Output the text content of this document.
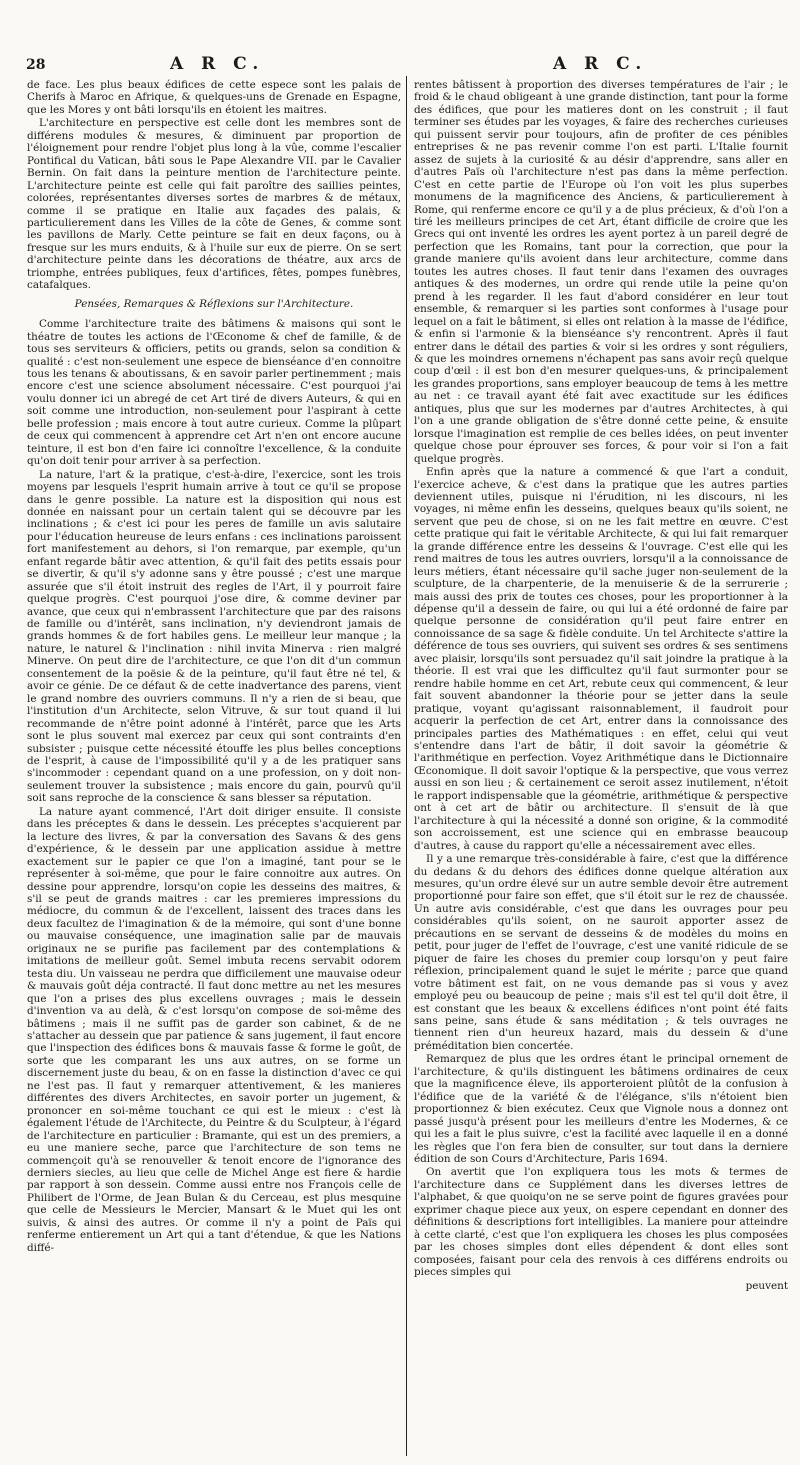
28	A R C.	A R C.

de face. Les plus beaux édifices de cette espece sont les palais de Cherifs à Maroc en Afrique, & quelques-uns de Grenade en Espagne, que les Mores y ont bâti lorsqu'ils en étoient les maitres.

L'architecture en perspective est celle dont les membres sont de différens modules & mesures, & diminuent par proportion de l'éloignement pour rendre l'objet plus long à la vûe, comme l'escalier Pontifical du Vatican, bâti sous le Pape Alexandre VII. par le Cavalier Bernin. On fait dans la peinture mention de l'architecture peinte. L'architecture peinte est celle qui fait paroître des saillies peintes, colorées, représentantes diverses sortes de marbres & de métaux, comme il se pratique en Italie aux façades des palais, & particulierement dans les Villes de la côte de Genes, & comme sont les pavillons de Marly. Cette peinture se fait en deux façons, ou à fresque sur les murs enduits, & à l'huile sur eux de pierre. On se sert d'architecture peinte dans les décorations de théatre, aux arcs de triomphe, entrées publiques, feux d'artifices, fêtes, pompes funèbres, catafalques.

Pensées, Remarques & Réflexions sur l'Architecture.

Comme l'architecture traite des bâtimens & maisons qui sont le théatre de toutes les actions de l'Œconome & chef de famille, & de tous ses serviteurs & officiers, petits ou grands, selon sa condition & qualité : c'est non-seulement une espece de bienséance d'en connoitre tous les tenans & aboutissans, & en savoir parler pertinemment ; mais encore c'est une science absolument nécessaire. C'est pourquoi j'ai voulu donner ici un abregé de cet Art tiré de divers Auteurs, & qui en soit comme une introduction, non-seulement pour l'aspirant à cette belle profession ; mais encore à tout autre curieux. Comme la plûpart de ceux qui commencent à apprendre cet Art n'en ont encore aucune teinture, il est bon d'en faire ici connoître l'excellence, & la conduite qu'on doit tenir pour arriver à sa perfection.

La nature, l'art & la pratique, c'est-à-dire, l'exercice, sont les trois moyens par lesquels l'esprit humain arrive à tout ce qu'il se propose dans le genre possible. La nature est la disposition qui nous est donnée en naissant pour un certain talent qui se découvre par les inclinations ; & c'est ici pour les peres de famille un avis salutaire pour l'éducation heureuse de leurs enfans : ces inclinations paroissent fort manifestement au dehors, si l'on remarque, par exemple, qu'un enfant regarde bâtir avec attention, & qu'il fait des petits essais pour se divertir, & qu'il s'y adonne sans y être poussé ; c'est une marque assurée que s'il étoit instruit des regles de l'Art, il y pourroit faire quelque progrès. C'est pourquoi j'ose dire, & comme deviner par avance, que ceux qui n'embrassent l'architecture que par des raisons de famille ou d'intérêt, sans inclination, n'y deviendront jamais de grands hommes & de fort habiles gens. Le meilleur leur manque ; la nature, le naturel & l'inclination : nihil invita Minerva : rien malgré Minerve. On peut dire de l'architecture, ce que l'on dit d'un commun consentement de la poësie & de la peinture, qu'il faut être né tel, & avoir ce génie. De ce défaut & de cette inadvertance des parens, vient le grand nombre des ouvriers communs. Il n'y a rien de si beau, que l'institution d'un Architecte, selon Vitruve, & sur tout quand il lui recommande de n'être point adonné à l'intérêt, parce que les Arts sont le plus souvent mal exercez par ceux qui sont contraints d'en subsister ; puisque cette nécessité étouffe les plus belles conceptions de l'esprit, à cause de l'impossibilité qu'il y a de les pratiquer sans s'incommoder : cependant quand on a une profession, on y doit non-seulement trouver la subsistence ; mais encore du gain, pourvû qu'il soit sans reproche de la conscience & sans blesser sa réputation.

La nature ayant commencé, l'Art doit diriger ensuite. Il consiste dans les préceptes & dans le dessein. Les préceptes s'acquierent par la lecture des livres, & par la conversation des Savans & des gens d'expérience, & le dessein par une application assidue à mettre exactement sur le papier ce que l'on a imaginé, tant pour se le représenter à soi-même, que pour le faire connoitre aux autres. On dessine pour apprendre, lorsqu'on copie les desseins des maitres, & s'il se peut de grands maitres : car les premieres impressions du médiocre, du commun & de l'excellent, laissent des traces dans les deux facultez de l'imagination & de la mémoire, qui sont d'une bonne ou mauvaise conséquence, une imagination salie par de mauvais originaux ne se purifie pas facilement par des contemplations & imitations de meilleur goût. Semel imbuta recens servabit odorem testa diu. Un vaisseau ne perdra que difficilement une mauvaise odeur & mauvais goût déja contracté. Il faut donc mettre au net les mesures que l'on a prises des plus excellens ouvrages ; mais le dessein d'invention va au delà, & c'est lorsqu'on compose de soi-même des bâtimens ; mais il ne suffit pas de garder son cabinet, & de ne s'attacher au dessein que par patience & sans jugement, il faut encore que l'inspection des édifices bons & mauvais fasse & forme le goût, de sorte que les comparant les uns aux autres, on se forme un discernement juste du beau, & on en fasse la distinction d'avec ce qui ne l'est pas. Il faut y remarquer attentivement, & les manieres différentes des divers Architectes, en savoir porter un jugement, & prononcer en soi-même touchant ce qui est le mieux : c'est là également l'étude de l'Architecte, du Peintre & du Sculpteur, à l'égard de l'architecture en particulier : Bramante, qui est un des premiers, a eu une maniere seche, parce que l'architecture de son tems ne commençoit qu'à se renouveller & tenoit encore de l'ignorance des derniers siecles, au lieu que celle de Michel Ange est fiere & hardie par rapport à son dessein. Comme aussi entre nos François celle de Philibert de l'Orme, de Jean Bulan & du Cerceau, est plus mesquine que celle de Messieurs le Mercier, Mansart & le Muet qui les ont suivis, & ainsi des autres. Or comme il n'y a point de Païs qui renferme entierement un Art qui a tant d'étendue, & que les Nations diffé-

rentes bâtissent à proportion des diverses températures de l'air ; le froid & le chaud obligeant à une grande distinction, tant pour la forme des édifices, que pour les matieres dont on les construit ; il faut terminer ses études par les voyages, & faire des recherches curieuses qui puissent servir pour toujours, afin de profiter de ces pénibles entreprises & ne pas revenir comme l'on est parti. L'Italie fournit assez de sujets à la curiosité & au désir d'apprendre, sans aller en d'autres Païs où l'architecture n'est pas dans la même perfection. C'est en cette partie de l'Europe où l'on voit les plus superbes monumens de la magnificence des Anciens, & particulierement à Rome, qui renferme encore ce qu'il y a de plus précieux, & d'où l'on a tiré les meilleurs principes de cet Art, étant difficile de croire que les Grecs qui ont inventé les ordres les ayent portez à un pareil degré de perfection que les Romains, tant pour la correction, que pour la grande maniere qu'ils avoient dans leur architecture, comme dans toutes les autres choses. Il faut tenir dans l'examen des ouvrages antiques & des modernes, un ordre qui rende utile la peine qu'on prend à les regarder. Il les faut d'abord considérer en leur tout ensemble, & remarquer si les parties sont conformes à l'usage pour lequel on a fait le bâtiment, si elles ont relation à la masse de l'édifice, & enfin si l'armonie & la bienséance s'y rencontrent. Après il faut entrer dans le détail des parties & voir si les ordres y sont réguliers, & que les moindres ornemens n'échapent pas sans avoir reçû quelque coup d'œil : il est bon d'en mesurer quelques-uns, & principalement les grandes proportions, sans employer beaucoup de tems à les mettre au net : ce travail ayant été fait avec exactitude sur les édifices antiques, plus que sur les modernes par d'autres Architectes, à qui l'on a une grande obligation de s'être donné cette peine, & ensuite lorsque l'imagination est remplie de ces belles idées, on peut inventer quelque chose pour éprouver ses forces, & pour voir si l'on a fait quelque progrès.

Enfin après que la nature a commencé & que l'art a conduit, l'exercice acheve, & c'est dans la pratique que les autres parties deviennent utiles, puisque ni l'érudition, ni les discours, ni les voyages, ni même enfin les desseins, quelques beaux qu'ils soient, ne servent que peu de chose, si on ne les fait mettre en œuvre. C'est cette pratique qui fait le véritable Architecte, & qui lui fait remarquer la grande différence entre les desseins & l'ouvrage. C'est elle qui les rend maitres de tous les autres ouvriers, lorsqu'il a la connoissance de leurs métiers, étant nécessaire qu'il sache juger non-seulement de la sculpture, de la charpenterie, de la menuiserie & de la serrurerie ; mais aussi des prix de toutes ces choses, pour les proportionner à la dépense qu'il a dessein de faire, ou qui lui a été ordonné de faire par quelque personne de considération qu'il peut faire entrer en connoissance de sa sage & fidèle conduite. Un tel Architecte s'attire la déférence de tous ses ouvriers, qui suivent ses ordres & ses sentimens avec plaisir, lorsqu'ils sont persuadez qu'il sait joindre la pratique à la théorie. Il est vrai que les difficultez qu'il faut surmonter pour se rendre habile homme en cet Art, rebute ceux qui commencent, & leur fait souvent abandonner la théorie pour se jetter dans la seule pratique, voyant qu'agissant raisonnablement, il faudroit pour acquerir la perfection de cet Art, entrer dans la connoissance des principales parties des Mathématiques : en effet, celui qui veut s'entendre dans l'art de bâtir, il doit savoir la géométrie & l'arithmétique en perfection. Voyez Arithmétique dans le Dictionnaire Œconomique. Il doit savoir l'optique & la perspective, que vous verrez aussi en son lieu ; & certainement ce seroit assez inutilement, n'étoit le rapport indispensable que la géométrie, arithmétique & perspective ont à cet art de bâtir ou architecture. Il s'ensuit de là que l'architecture à qui la nécessité a donné son origine, & la commodité son accroissement, est une science qui en embrasse beaucoup d'autres, à cause du rapport qu'elle a nécessairement avec elles.

Il y a une remarque très-considérable à faire, c'est que la différence du dedans & du dehors des édifices donne quelque altération aux mesures, qu'un ordre élevé sur un autre semble devoir être autrement proportionné pour faire son effet, que s'il étoit sur le rez de chaussée. Un autre avis considérable, c'est que dans les ouvrages pour peu considérables qu'ils soient, on ne sauroit apporter assez de précautions en se servant de desseins & de modèles du moins en petit, pour juger de l'effet de l'ouvrage, c'est une vanité ridicule de se piquer de faire les choses du premier coup lorsqu'on y peut faire réflexion, principalement quand le sujet le mérite ; parce que quand votre bâtiment est fait, on ne vous demande pas si vous y avez employé peu ou beaucoup de peine ; mais s'il est tel qu'il doit être, il est constant que les beaux & excellens édifices n'ont point été faits sans peine, sans étude & sans méditation ; & tels ouvrages ne tiennent rien d'un heureux hazard, mais du dessein & d'une préméditation bien concertée.

Remarquez de plus que les ordres étant le principal ornement de l'architecture, & qu'ils distinguent les bâtimens ordinaires de ceux que la magnificence éleve, ils apporteroient plûtôt de la confusion à l'édifice que de la variété & de l'élégance, s'ils n'étoient bien proportionnez & bien exécutez. Ceux que Vignole nous a donnez ont passé jusqu'à présent pour les meilleurs d'entre les Modernes, & ce qui les a fait le plus suivre, c'est la facilité avec laquelle il en a donné les règles que l'on fera bien de consulter, sur tout dans la derniere édition de son Cours d'Architecture, Paris 1694.

On avertit que l'on expliquera tous les mots & termes de l'architecture dans ce Supplément dans les diverses lettres de l'alphabet, & que quoiqu'on ne se serve point de figures gravées pour exprimer chaque piece aux yeux, on espere cependant en donner des définitions & descriptions fort intelligibles. La maniere pour atteindre à cette clarté, c'est que l'on expliquera les choses les plus composées par les choses simples dont elles dépendent & dont elles sont composées, faisant pour cela des renvois à ces différens endroits ou pieces simples qui

peuvent
